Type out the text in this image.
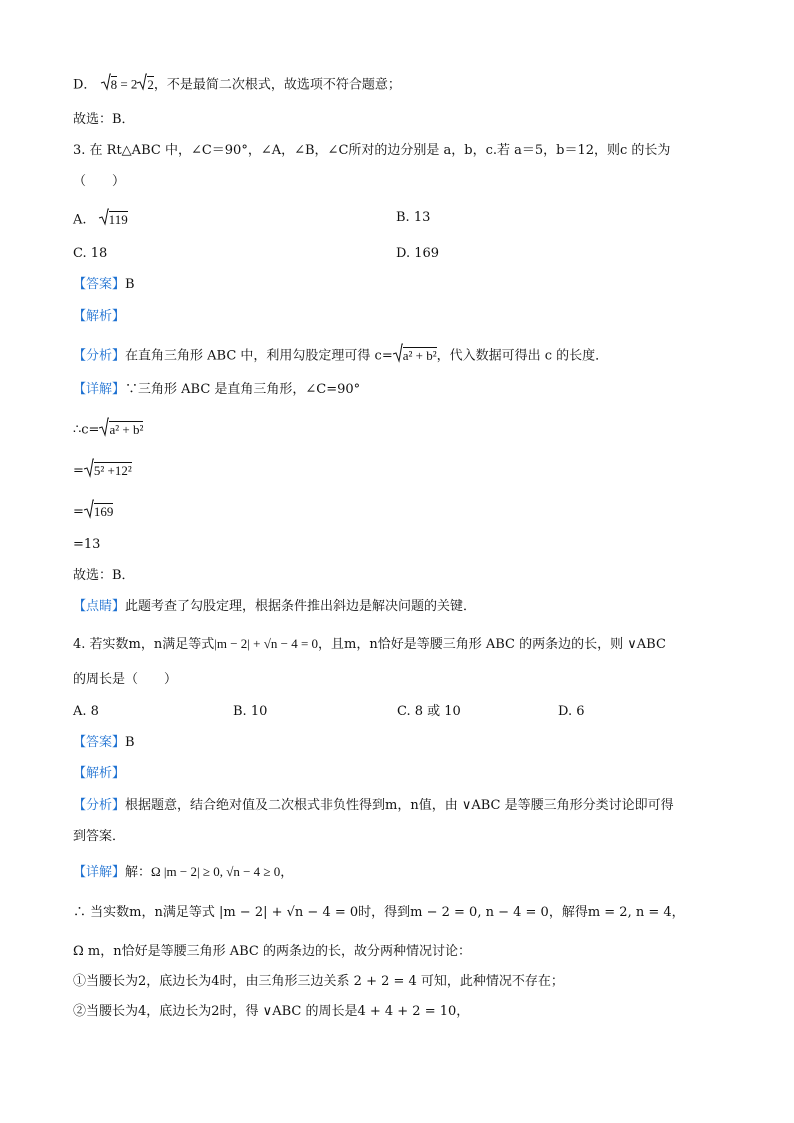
D． 8 = 2 2，不是最简二次根式，故选项不符合题意；
故选：B．
3. 在 Rt△ABC 中，∠C＝90°，∠A，∠B，∠C所对的边分别是 a，b，c.若 a＝5，b＝12，则c 的长为
（　　）
A. 119	B. 13
C. 18	D. 169
【答案】B
【解析】
【分析】在直角三角形 ABC 中，利用勾股定理可得 c= a² + b²，代入数据可得出 c 的长度．
【详解】∵三角形 ABC 是直角三角形，∠C=90°
∴c= a² + b²
= 5² +12²
= 169
=13
故选：B．
【点睛】此题考查了勾股定理，根据条件推出斜边是解决问题的关键．
4. 若实数m，n满足等式|m − 2| + √n − 4 = 0，且m，n恰好是等腰三角形 ABC 的两条边的长，则 ∨ABC
的周长是（　　）
A. 8	B. 10	C. 8 或 10	D. 6
【答案】B
【解析】
【分析】根据题意，结合绝对值及二次根式非负性得到m，n值，由 ∨ABC 是等腰三角形分类讨论即可得
到答案．
【详解】解：Ω |m − 2| ≥ 0, √n − 4 ≥ 0，
∴ 当实数m，n满足等式 |m − 2| + √n − 4 = 0时，得到m − 2 = 0, n − 4 = 0，解得m = 2, n = 4，
Ω m，n恰好是等腰三角形 ABC 的两条边的长，故分两种情况讨论：
①当腰长为2，底边长为4时，由三角形三边关系 2 + 2 = 4 可知，此种情况不存在；
②当腰长为4，底边长为2时，得 ∨ABC 的周长是4 + 4 + 2 = 10，
